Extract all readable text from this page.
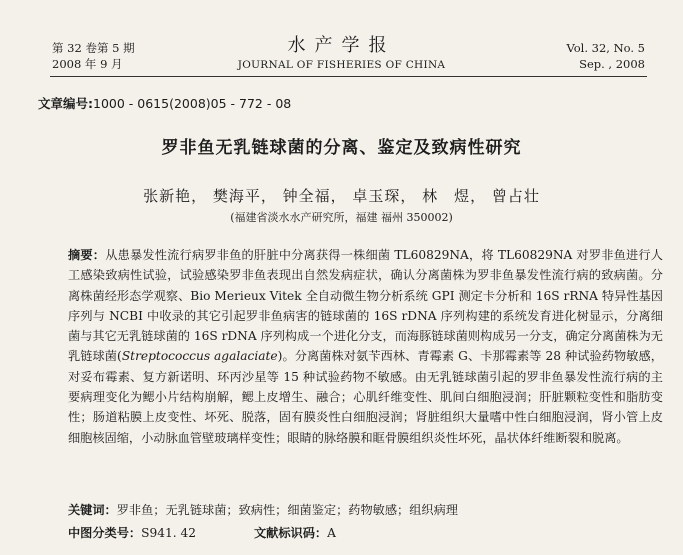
第 32 卷第 5 期
2008 年 9 月
水产学报
JOURNAL OF FISHERIES OF CHINA
Vol. 32, No. 5
Sep. , 2008
文章编号:1000 - 0615(2008)05 - 772 - 08
罗非鱼无乳链球菌的分离、鉴定及致病性研究
张新艳， 樊海平， 钟全福， 卓玉琛， 林　煜， 曾占壮
(福建省淡水水产研究所，福建 福州 350002)
摘要：从患暴发性流行病罗非鱼的肝脏中分离获得一株细菌 TL60829NA，将 TL60829NA 对罗非鱼进行人工感染致病性试验，试验感染罗非鱼表现出自然发病症状，确认分离菌株为罗非鱼暴发性流行病的致病菌。分离株菌经形态学观察、Bio Merieux Vitek 全自动微生物分析系统 GPI 测定卡分析和 16S rRNA 特异性基因序列与 NCBI 中收录的其它引起罗非鱼病害的链球菌的 16S rDNA 序列构建的系统发育进化树显示，分离细菌与其它无乳链球菌的 16S rDNA 序列构成一个进化分支，而海豚链球菌则构成另一分支，确定分离菌株为无乳链球菌(Streptococcus agalaciate)。分离菌株对氨苄西林、青霉素 G、卡那霉素等 28 种试验药物敏感，对妥布霉素、复方新诺明、环丙沙星等 15 种试验药物不敏感。由无乳链球菌引起的罗非鱼暴发性流行病的主要病理变化为鳃小片结构崩解，鳃上皮增生、融合；心肌纤维变性、肌间白细胞浸润；肝脏颗粒变性和脂肪变性；肠道粘膜上皮变性、坏死、脱落，固有膜炎性白细胞浸润；肾脏组织大量嗜中性白细胞浸润，肾小管上皮细胞核固缩，小动脉血管壁玻璃样变性；眼睛的脉络膜和眶骨膜组织炎性坏死，晶状体纤维断裂和脱离。
关键词：罗非鱼；无乳链球菌；致病性；细菌鉴定；药物敏感；组织病理
中图分类号：S941. 42	文献标识码：A
